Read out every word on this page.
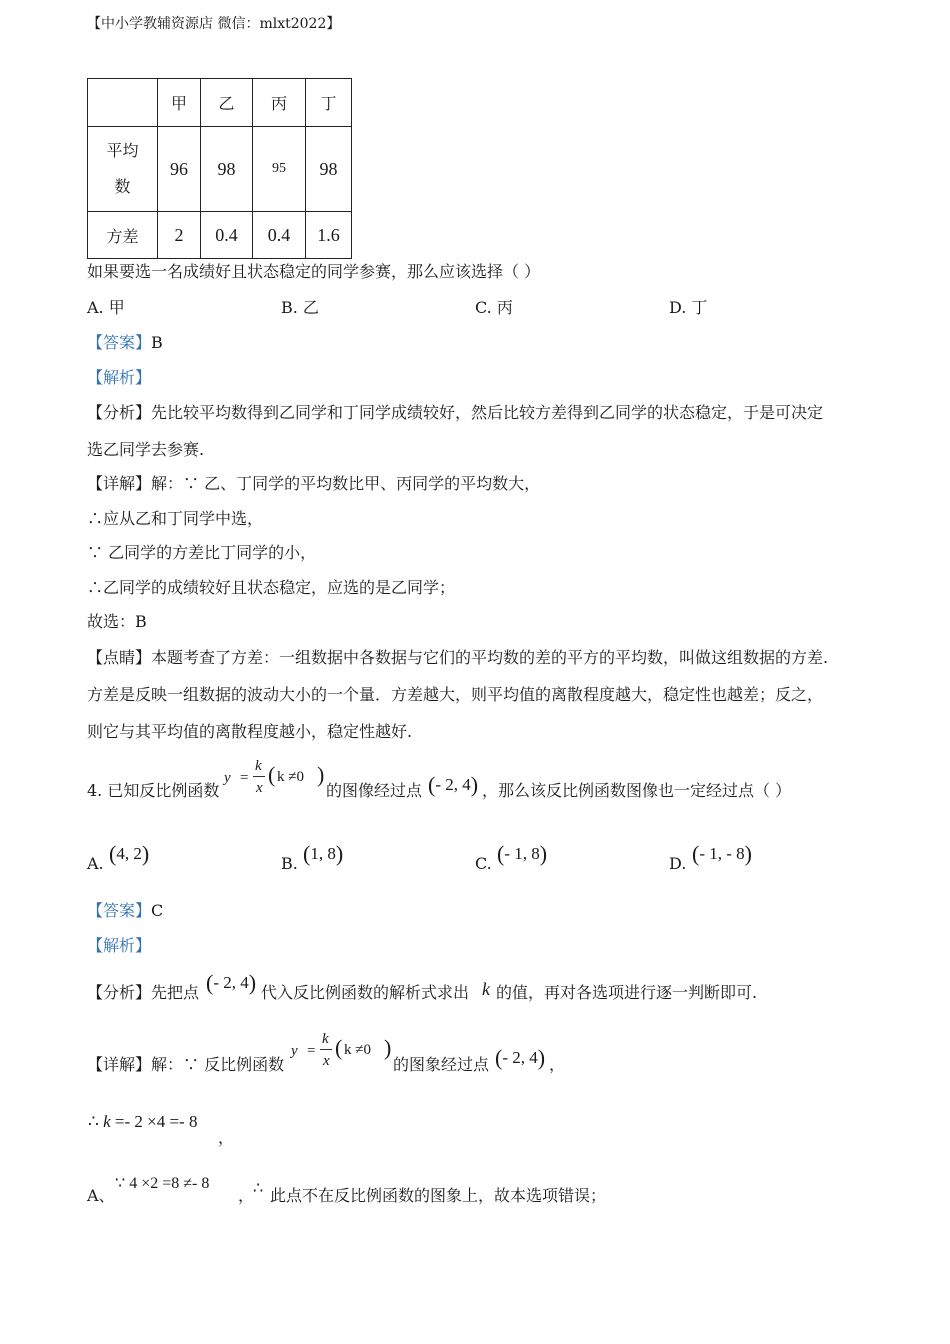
【中小学教辅资源店 微信：mlxt2022】
	甲	乙	丙	丁
平均
数	96	98	95	98
方差	2	0.4	0.4	1.6
如果要选一名成绩好且状态稳定的同学参赛，那么应该选择（ ）
A. 甲	B. 乙	C. 丙	D. 丁
【答案】B
【解析】
【分析】先比较平均数得到乙同学和丁同学成绩较好，然后比较方差得到乙同学的状态稳定，于是可决定
选乙同学去参赛.
【详解】解：∵ 乙、丁同学的平均数比甲、丙同学的平均数大，
∴应从乙和丁同学中选，
∵ 乙同学的方差比丁同学的小，
∴乙同学的成绩较好且状态稳定，应选的是乙同学；
故选：B
【点睛】本题考查了方差：一组数据中各数据与它们的平均数的差的平方的平均数，叫做这组数据的方差.
方差是反映一组数据的波动大小的一个量．方差越大，则平均值的离散程度越大，稳定性也越差；反之，
则它与其平均值的离散程度越小，稳定性越好.
4. 已知反比例函数
y =
k
x
( k ≠0 )
的图像经过点 (- 2, 4) ，那么该反比例函数图像也一定经过点（ ）
A. (4, 2)	B. (1, 8)	C. (- 1, 8)	D. (- 1, - 8)
【答案】C
【解析】
【分析】先把点 (- 2, 4) 代入反比例函数的解析式求出 k 的值，再对各选项进行逐一判断即可.
【详解】解：∵ 反比例函数
y =
k
x
( k ≠0 )
的图象经过点 (- 2, 4) ，
∴ k =- 2 ×4 =- 8
，
A、
∵ 4 ×2 =8 ≠- 8
，
∴ 此点不在反比例函数的图象上，故本选项错误；
